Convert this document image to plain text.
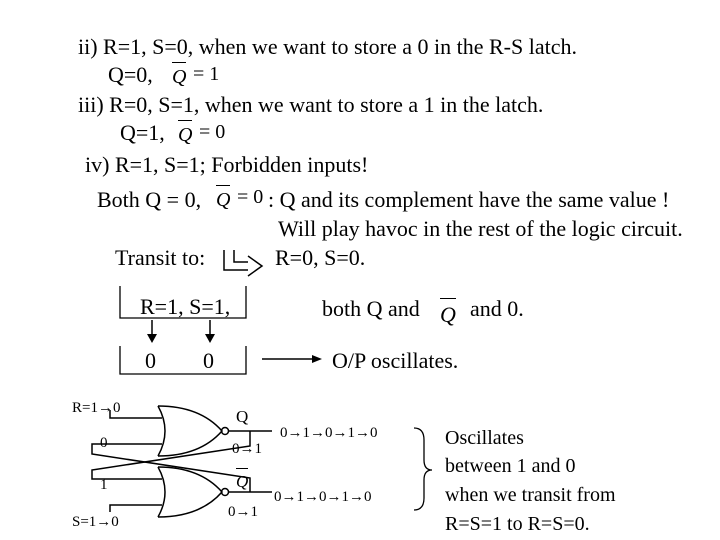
ii) R=1, S=0, when we want to store a 0 in the R-S latch.
Q=0, Q = 1
iii) R=0, S=1, when we want to store a 1 in the latch.
Q=1, Q = 0
iv) R=1, S=1; Forbidden inputs!
Both Q = 0, Q = 0 : Q and its complement have the same value !
Will play havoc in the rest of the logic circuit.
Transit to:	R=0, S=0.
R=1, S=1,
0 0
both Q and Q and 0.
O/P oscillates.
R=1→0
S=1→0
0
1
Q
0→1
Q
0→1
0→1→0→1→0
0→1→0→1→0
Oscillates
between 1 and 0
when we transit from
R=S=1 to R=S=0.
